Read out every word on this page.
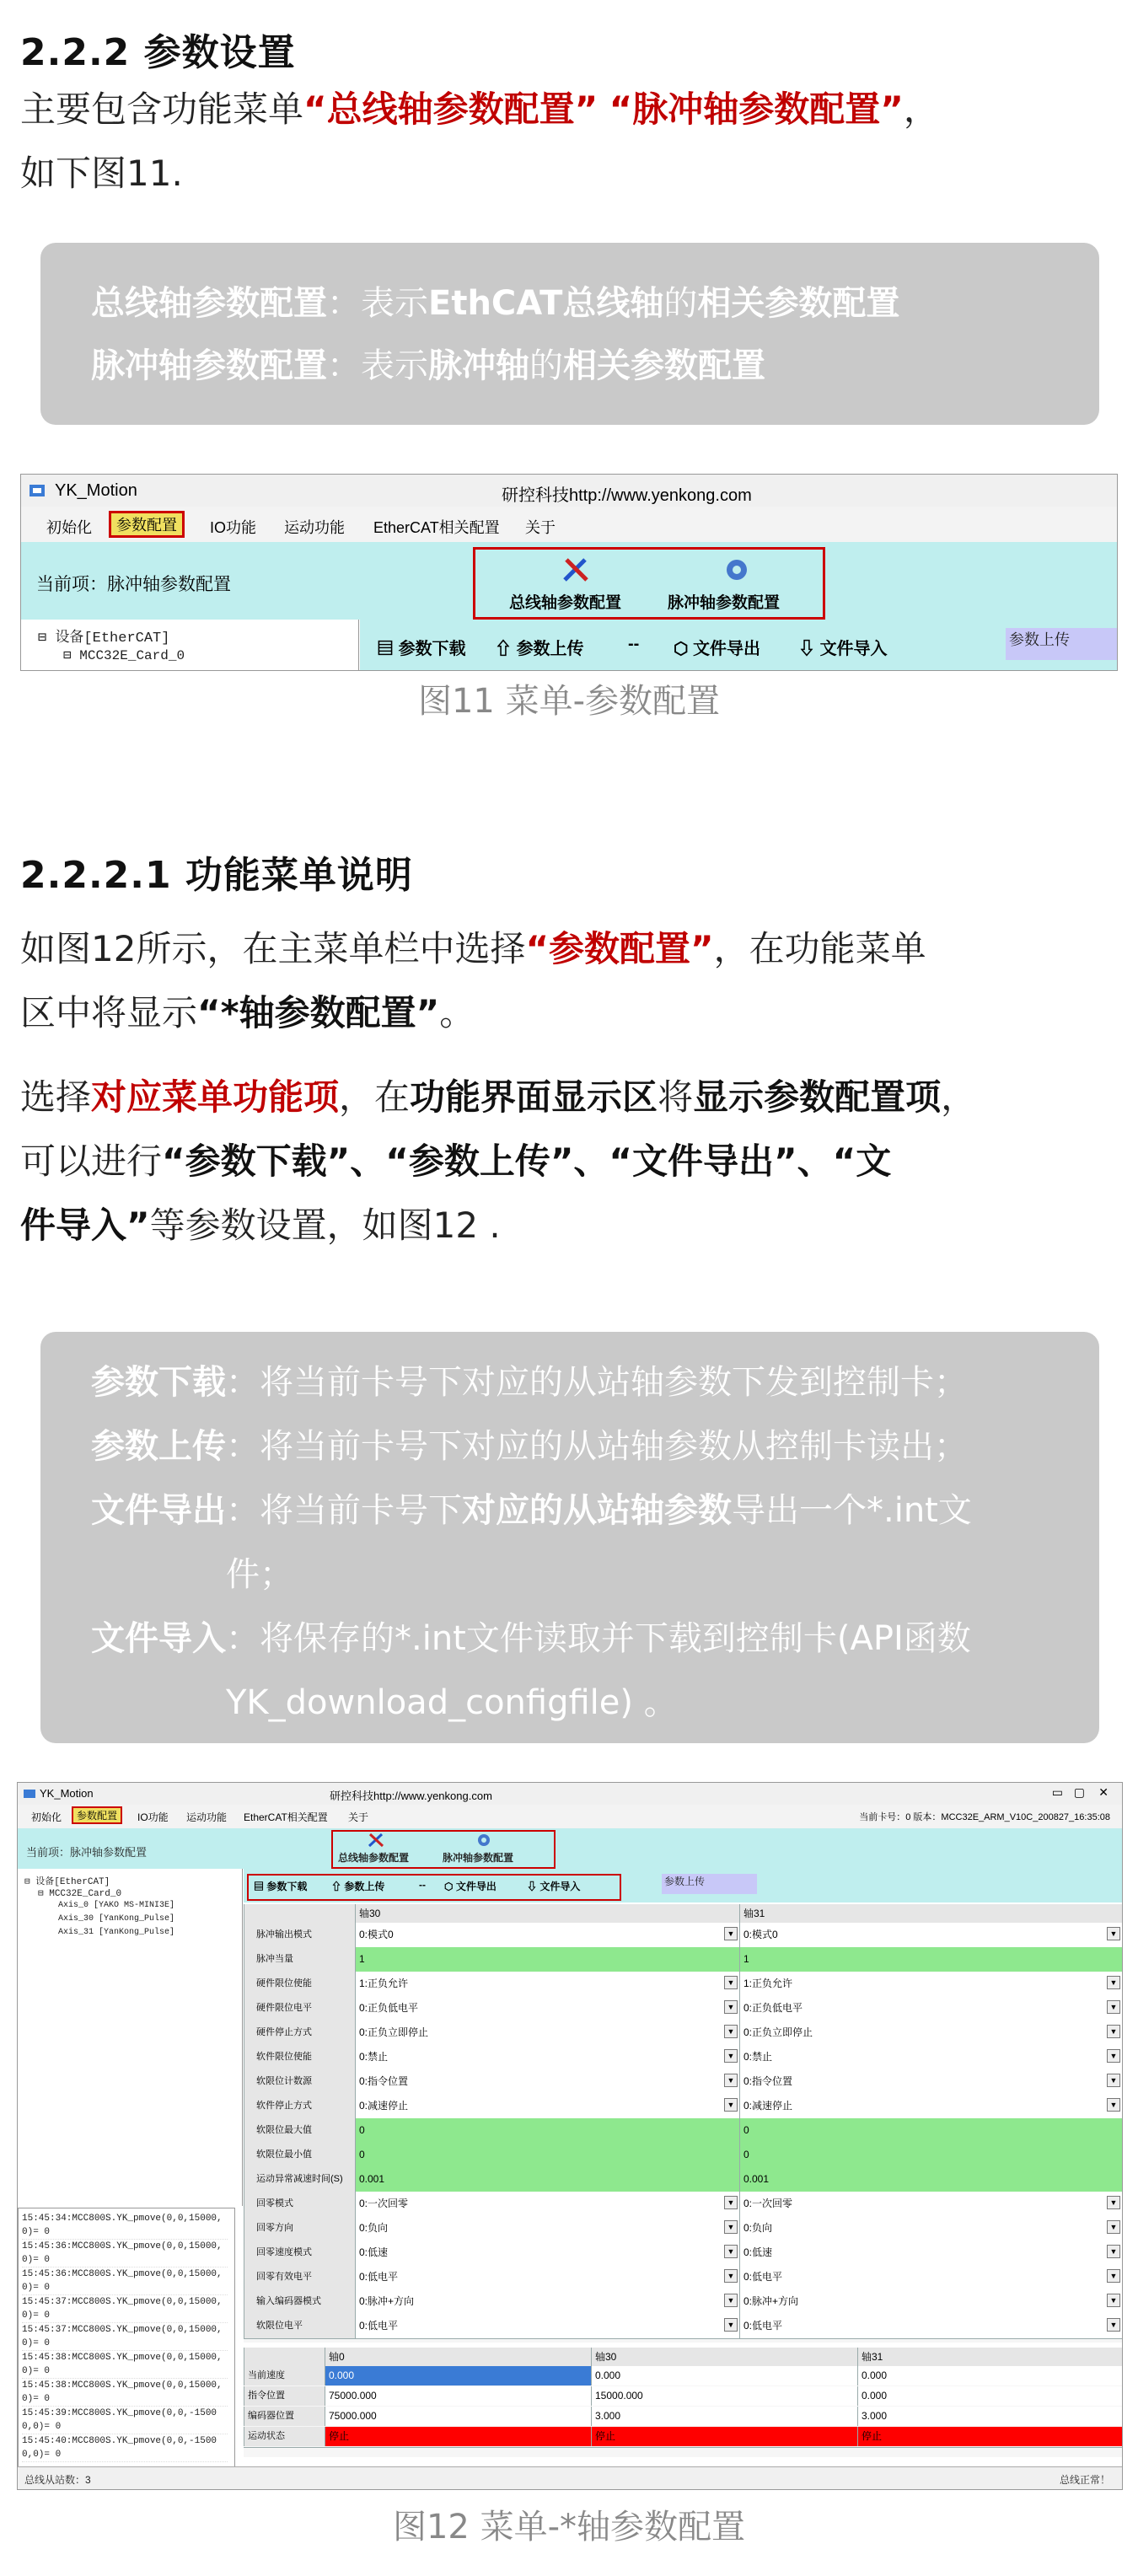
2.2.2 参数设置
主要包含功能菜单“总线轴参数配置” “脉冲轴参数配置”，
如下图11.
总线轴参数配置：表示EthCAT总线轴的相关参数配置
脉冲轴参数配置：表示脉冲轴的相关参数配置
YK_Motion	研控科技http://www.yenkong.com
初始化	参数配置	IO功能 运动功能 EtherCAT相关配置 关于
当前项：脉冲轴参数配置
总线轴参数配置	脉冲轴参数配置
⊟ 设备[EtherCAT]
⊟ MCC32E_Card_0	▤ 参数下载 ⇧ 参数上传	-- ⬡ 文件导出 ⇩ 文件导入	参数上传
图11 菜单-参数配置
2.2.2.1 功能菜单说明
如图12所示，在主菜单栏中选择“参数配置”，在功能菜单
区中将显示“*轴参数配置”。
选择对应菜单功能项，在功能界面显示区将显示参数配置项，
可以进行“参数下载”、“参数上传”、“文件导出”、“文
件导入”等参数设置，如图12 .
参数下载：将当前卡号下对应的从站轴参数下发到控制卡；
参数上传：将当前卡号下对应的从站轴参数从控制卡读出；
文件导出：将当前卡号下对应的从站轴参数导出一个*.int文
件；
文件导入：将保存的*.int文件读取并下载到控制卡(API函数
YK_download_configfile) 。
YK_Motion	研控科技http://www.yenkong.com	▭ ▢ ✕
初始化	参数配置	IO功能 运动功能 EtherCAT相关配置 关于	当前卡号：0 版本：MCC32E_ARM_V10C_200827_16:35:08
当前项：脉冲轴参数配置	总线轴参数配置	脉冲轴参数配置
⊟ 设备[EtherCAT]
⊟ MCC32E_Card_0
Axis_0 [YAKO MS-MINI3E]
Axis_30 [YanKong_Pulse]
Axis_31 [YanKong_Pulse]
15:45:34:MCC800S.YK_pmove(0,0,15000,0)= 0
15:45:36:MCC800S.YK_pmove(0,0,15000,0)= 0
15:45:36:MCC800S.YK_pmove(0,0,15000,0)= 0
15:45:37:MCC800S.YK_pmove(0,0,15000,0)= 0
15:45:37:MCC800S.YK_pmove(0,0,15000,0)= 0
15:45:38:MCC800S.YK_pmove(0,0,15000,0)= 0
15:45:38:MCC800S.YK_pmove(0,0,15000,0)= 0
15:45:39:MCC800S.YK_pmove(0,0,-15000,0)= 0
15:45:40:MCC800S.YK_pmove(0,0,-15000,0)= 0
▤ 参数下载 ⇧ 参数上传	-- ⬡ 文件导出	⇩ 文件导入	参数上传
轴30	轴31
脉冲输出模式	0:模式0	▼ 0:模式0	▼
脉冲当量	1	1
硬件限位使能	1:正负允许	▼ 1:正负允许	▼
硬件限位电平	0:正负低电平	▼ 0:正负低电平	▼
硬件停止方式	0:正负立即停止	▼ 0:正负立即停止	▼
软件限位使能	0:禁止	▼ 0:禁止	▼
软限位计数源	0:指令位置	▼ 0:指令位置	▼
软件停止方式	0:减速停止	▼ 0:减速停止	▼
软限位最大值	0	0
软限位最小值	0	0
运动异常减速时间(S)	0.001	0.001
回零模式	0:一次回零	▼ 0:一次回零	▼
回零方向	0:负向	▼ 0:负向	▼
回零速度模式	0:低速	▼ 0:低速	▼
回零有效电平	0:低电平	▼ 0:低电平	▼
输入编码器模式	0:脉冲+方向	▼ 0:脉冲+方向	▼
软限位电平	0:低电平	▼ 0:低电平	▼
轴0	轴30	轴31
当前速度	0.000	0.000	0.000
指令位置	75000.000	15000.000	0.000
编码器位置	75000.000	3.000	3.000
运动状态	停止	停止	停止
总线从站数：3	总线正常！
图12 菜单-*轴参数配置
